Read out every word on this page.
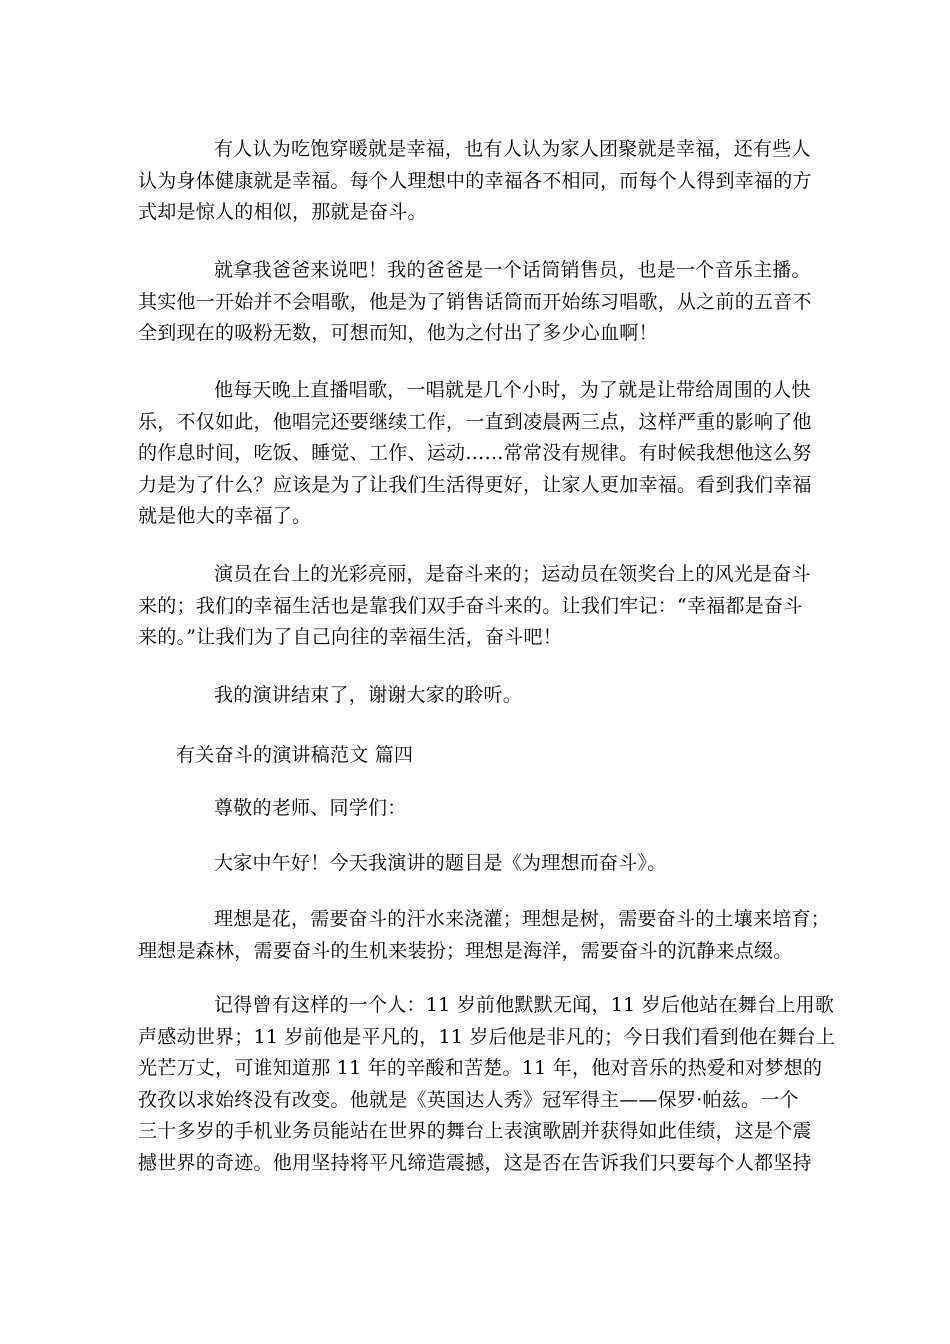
有人认为吃饱穿暖就是幸福，也有人认为家人团聚就是幸福，还有些人
认为身体健康就是幸福。每个人理想中的幸福各不相同，而每个人得到幸福的方
式却是惊人的相似，那就是奋斗。
就拿我爸爸来说吧！我的爸爸是一个话筒销售员，也是一个音乐主播。
其实他一开始并不会唱歌，他是为了销售话筒而开始练习唱歌，从之前的五音不
全到现在的吸粉无数，可想而知，他为之付出了多少心血啊！
他每天晚上直播唱歌，一唱就是几个小时，为了就是让带给周围的人快
乐，不仅如此，他唱完还要继续工作，一直到凌晨两三点，这样严重的影响了他
的作息时间，吃饭、睡觉、工作、运动……常常没有规律。有时候我想他这么努
力是为了什么？应该是为了让我们生活得更好，让家人更加幸福。看到我们幸福
就是他大的幸福了。
演员在台上的光彩亮丽，是奋斗来的；运动员在领奖台上的风光是奋斗
来的；我们的幸福生活也是靠我们双手奋斗来的。让我们牢记：“幸福都是奋斗
来的。”让我们为了自己向往的幸福生活，奋斗吧！
我的演讲结束了，谢谢大家的聆听。
有关奋斗的演讲稿范文 篇四
尊敬的老师、同学们：
大家中午好！今天我演讲的题目是《为理想而奋斗》。
理想是花，需要奋斗的汗水来浇灌；理想是树，需要奋斗的土壤来培育；
理想是森林，需要奋斗的生机来装扮；理想是海洋，需要奋斗的沉静来点缀。
记得曾有这样的一个人：11 岁前他默默无闻，11 岁后他站在舞台上用歌
声感动世界；11 岁前他是平凡的，11 岁后他是非凡的；今日我们看到他在舞台上
光芒万丈，可谁知道那 11 年的辛酸和苦楚。11 年，他对音乐的热爱和对梦想的
孜孜以求始终没有改变。他就是《英国达人秀》冠军得主——保罗·帕兹。一个
三十多岁的手机业务员能站在世界的舞台上表演歌剧并获得如此佳绩，这是个震
撼世界的奇迹。他用坚持将平凡缔造震撼，这是否在告诉我们只要每个人都坚持
